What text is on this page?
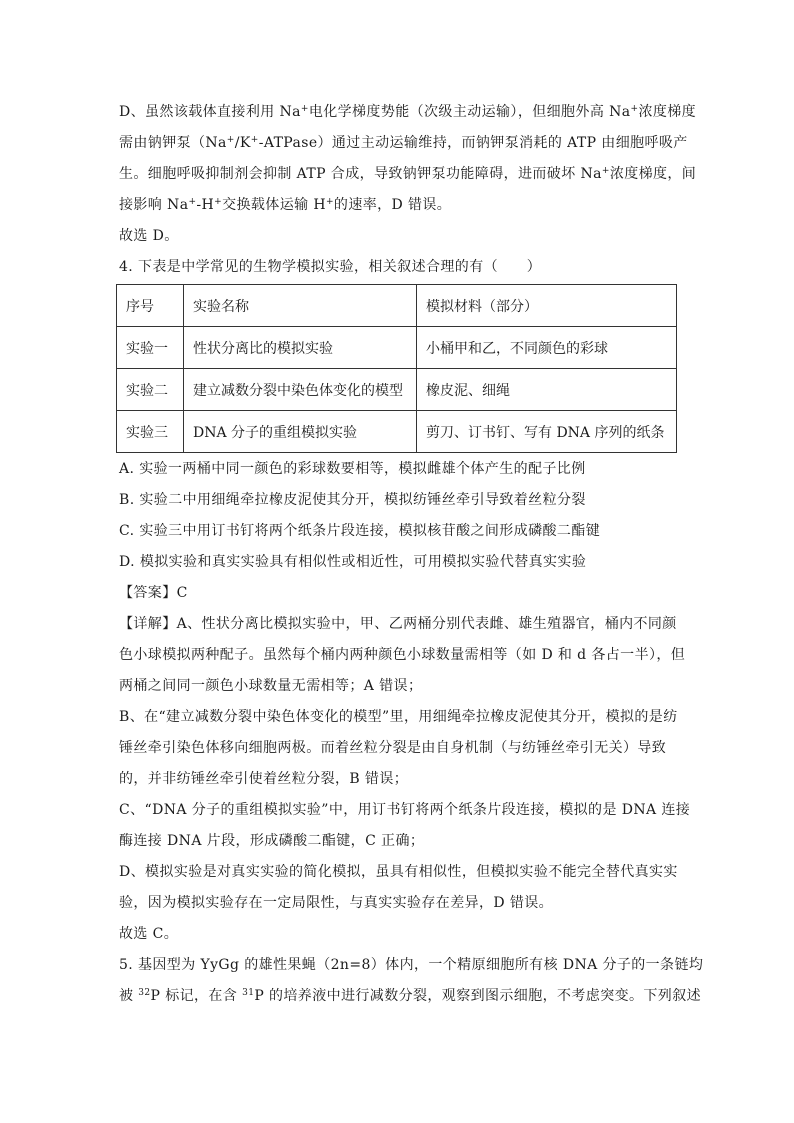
D、虽然该载体直接利用 Na+电化学梯度势能（次级主动运输），但细胞外高 Na+浓度梯度
需由钠钾泵（Na+/K+-ATPase）通过主动运输维持，而钠钾泵消耗的 ATP 由细胞呼吸产
生。细胞呼吸抑制剂会抑制 ATP 合成，导致钠钾泵功能障碍，进而破坏 Na+浓度梯度，间
接影响 Na+-H+交换载体运输 H+的速率，D 错误。
故选 D。
4. 下表是中学常见的生物学模拟实验，相关叙述合理的有（　　）
序号	实验名称	模拟材料（部分）
实验一	性状分离比的模拟实验	小桶甲和乙，不同颜色的彩球
实验二	建立减数分裂中染色体变化的模型	橡皮泥、细绳
实验三	DNA 分子的重组模拟实验	剪刀、订书钉、写有 DNA 序列的纸条
A. 实验一两桶中同一颜色的彩球数要相等，模拟雌雄个体产生的配子比例
B. 实验二中用细绳牵拉橡皮泥使其分开，模拟纺锤丝牵引导致着丝粒分裂
C. 实验三中用订书钉将两个纸条片段连接，模拟核苷酸之间形成磷酸二酯键
D. 模拟实验和真实实验具有相似性或相近性，可用模拟实验代替真实实验
【答案】C
【详解】A、性状分离比模拟实验中，甲、乙两桶分别代表雌、雄生殖器官，桶内不同颜
色小球模拟两种配子。虽然每个桶内两种颜色小球数量需相等（如 D 和 d 各占一半），但
两桶之间同一颜色小球数量无需相等；A 错误；
B、在“建立减数分裂中染色体变化的模型”里，用细绳牵拉橡皮泥使其分开，模拟的是纺
锤丝牵引染色体移向细胞两极。而着丝粒分裂是由自身机制（与纺锤丝牵引无关）导致
的，并非纺锤丝牵引使着丝粒分裂，B 错误；
C、“DNA 分子的重组模拟实验”中，用订书钉将两个纸条片段连接，模拟的是 DNA 连接
酶连接 DNA 片段，形成磷酸二酯键，C 正确；
D、模拟实验是对真实实验的简化模拟，虽具有相似性，但模拟实验不能完全替代真实实
验，因为模拟实验存在一定局限性，与真实实验存在差异，D 错误。
故选 C。
5. 基因型为 YyGg 的雄性果蝇（2n=8）体内，一个精原细胞所有核 DNA 分子的一条链均
被 $^{32}$P 标记，在含 $^{31}$P 的培养液中进行减数分裂，观察到图示细胞，不考虑突变。下列叙述
